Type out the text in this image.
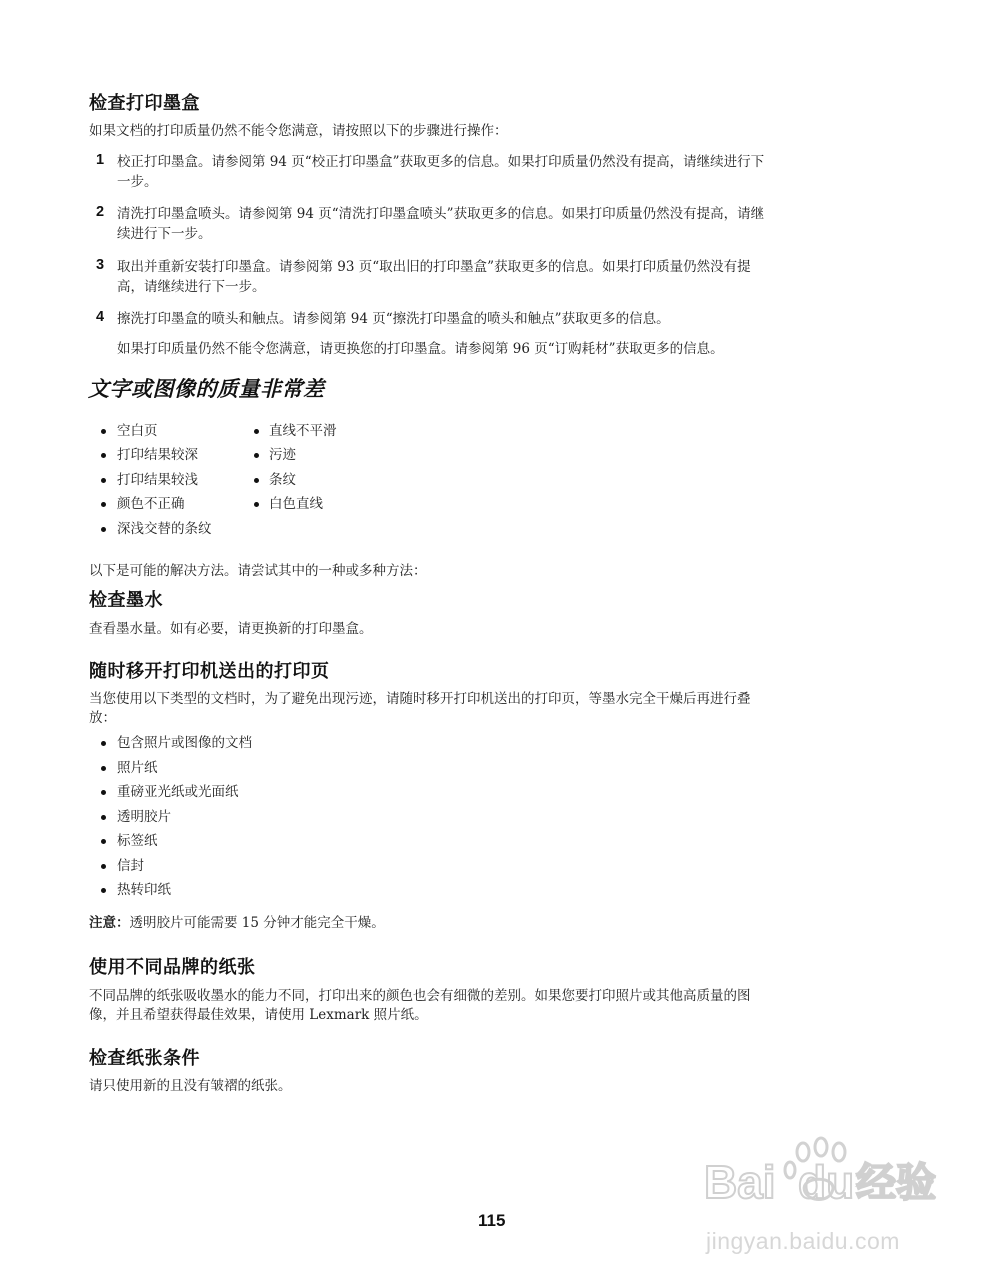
检查打印墨盒
如果文档的打印质量仍然不能令您满意，请按照以下的步骤进行操作：
1 校正打印墨盒。请参阅第 94 页“校正打印墨盒”获取更多的信息。如果打印质量仍然没有提高，请继续进行下
一步。
2 清洗打印墨盒喷头。请参阅第 94 页“清洗打印墨盒喷头”获取更多的信息。如果打印质量仍然没有提高，请继
续进行下一步。
3 取出并重新安装打印墨盒。请参阅第 93 页“取出旧的打印墨盒”获取更多的信息。如果打印质量仍然没有提
高，请继续进行下一步。
4 擦洗打印墨盒的喷头和触点。请参阅第 94 页“擦洗打印墨盒的喷头和触点”获取更多的信息。
如果打印质量仍然不能令您满意，请更换您的打印墨盒。请参阅第 96 页“订购耗材”获取更多的信息。
文字或图像的质量非常差
空白页
打印结果较深
打印结果较浅
颜色不正确
深浅交替的条纹
直线不平滑
污迹
条纹
白色直线
以下是可能的解决方法。请尝试其中的一种或多种方法：
检查墨水
查看墨水量。如有必要，请更换新的打印墨盒。
随时移开打印机送出的打印页
当您使用以下类型的文档时，为了避免出现污迹，请随时移开打印机送出的打印页，等墨水完全干燥后再进行叠
放：
包含照片或图像的文档
照片纸
重磅亚光纸或光面纸
透明胶片
标签纸
信封
热转印纸
注意：透明胶片可能需要 15 分钟才能完全干燥。
使用不同品牌的纸张
不同品牌的纸张吸收墨水的能力不同，打印出来的颜色也会有细微的差别。如果您要打印照片或其他高质量的图
像，并且希望获得最佳效果，请使用 Lexmark 照片纸。
检查纸张条件
请只使用新的且没有皱褶的纸张。
115
Bai du 经验
jingyan.baidu.com
